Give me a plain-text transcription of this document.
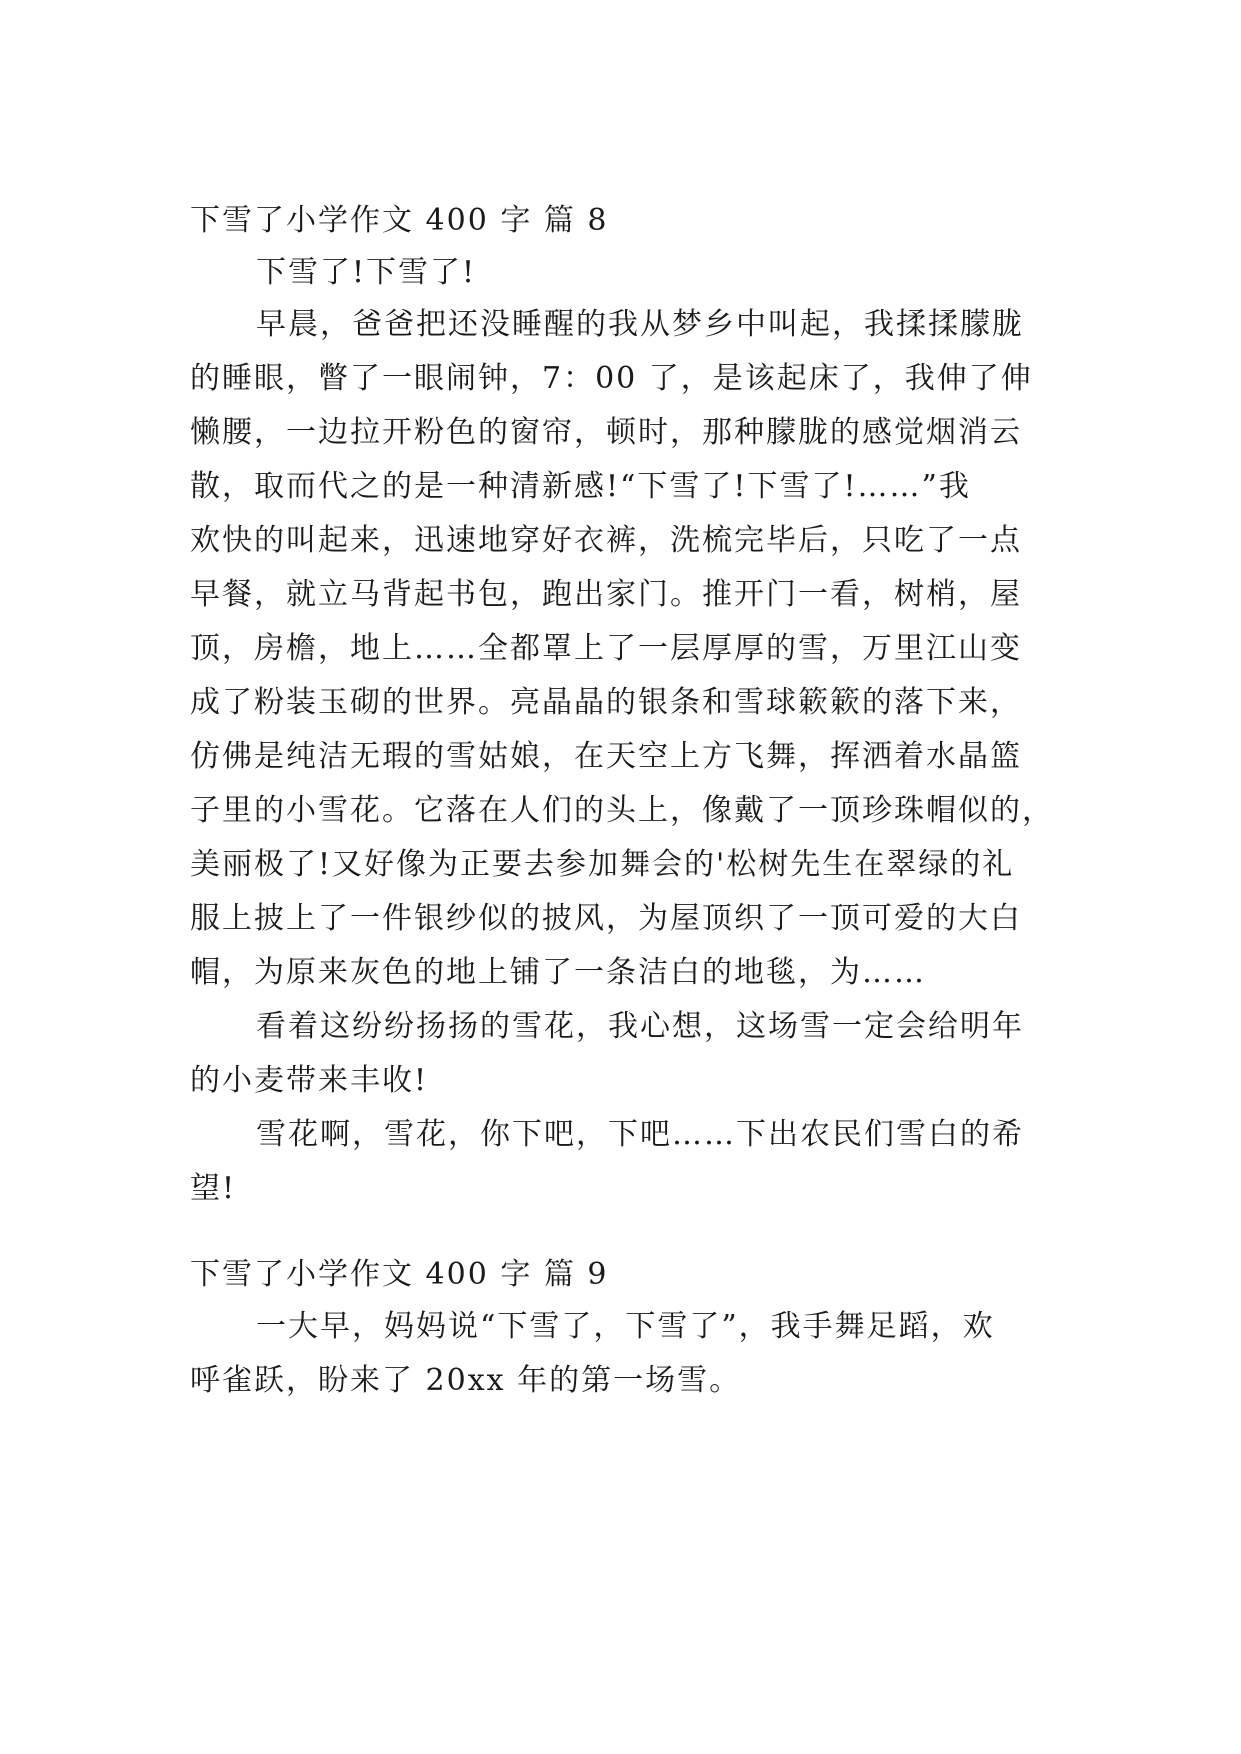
下雪了小学作文 400 字 篇 8
下雪了!下雪了!
早晨，爸爸把还没睡醒的我从梦乡中叫起，我揉揉朦胧
的睡眼，瞥了一眼闹钟，7：00 了，是该起床了，我伸了伸
懒腰，一边拉开粉色的窗帘，顿时，那种朦胧的感觉烟消云
散，取而代之的是一种清新感!“下雪了!下雪了!……”我
欢快的叫起来，迅速地穿好衣裤，洗梳完毕后，只吃了一点
早餐，就立马背起书包，跑出家门。推开门一看，树梢，屋
顶，房檐，地上……全都罩上了一层厚厚的雪，万里江山变
成了粉装玉砌的世界。亮晶晶的银条和雪球簌簌的落下来，
仿佛是纯洁无瑕的雪姑娘，在天空上方飞舞，挥洒着水晶篮
子里的小雪花。它落在人们的头上，像戴了一顶珍珠帽似的，
美丽极了!又好像为正要去参加舞会的'松树先生在翠绿的礼
服上披上了一件银纱似的披风，为屋顶织了一顶可爱的大白
帽，为原来灰色的地上铺了一条洁白的地毯，为……
看着这纷纷扬扬的雪花，我心想，这场雪一定会给明年
的小麦带来丰收!
雪花啊，雪花，你下吧，下吧……下出农民们雪白的希
望!
下雪了小学作文 400 字 篇 9
一大早，妈妈说“下雪了，下雪了”，我手舞足蹈，欢
呼雀跃，盼来了 20xx 年的第一场雪。
